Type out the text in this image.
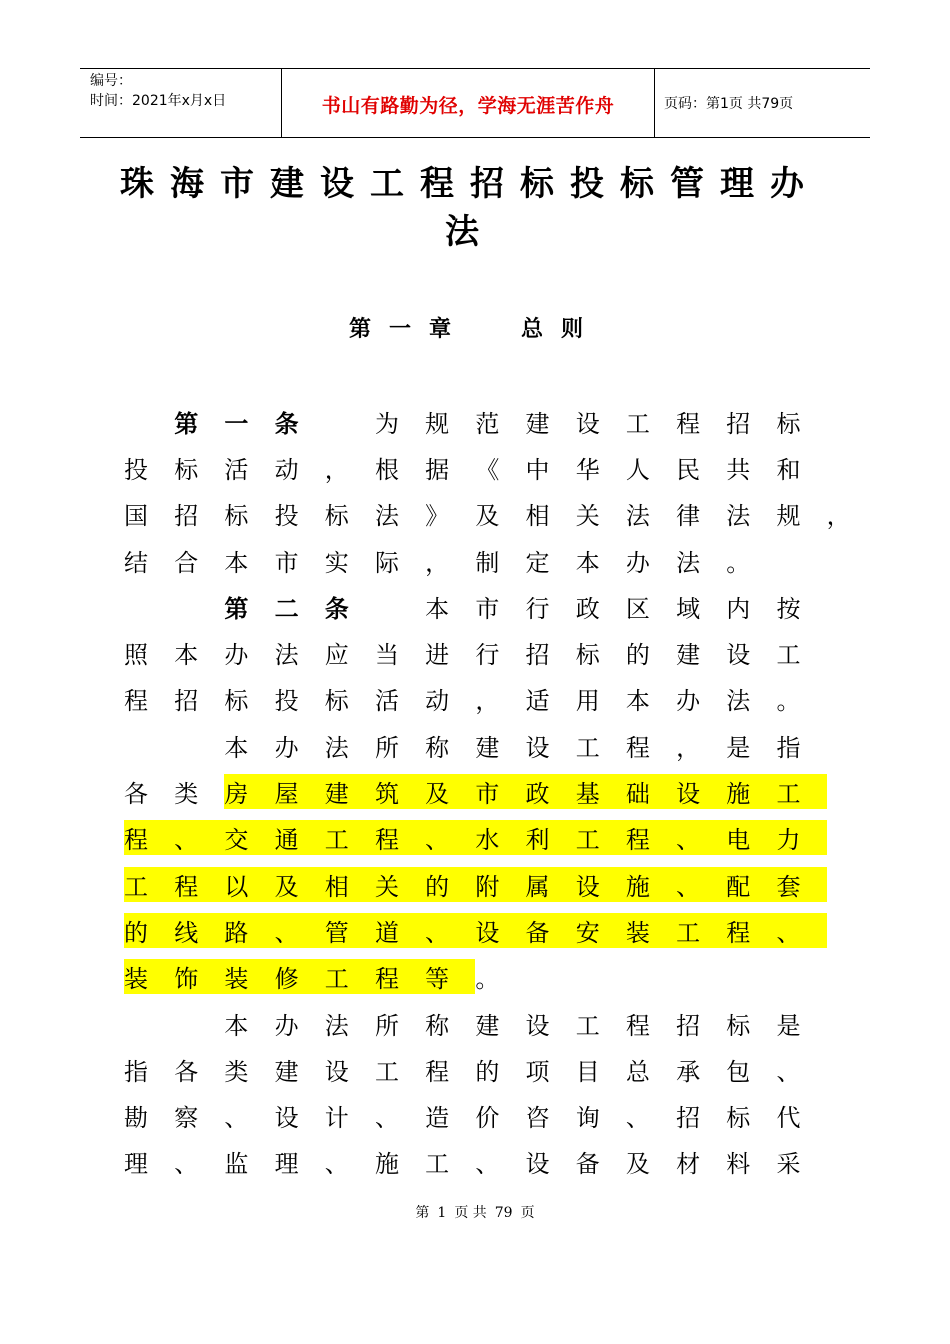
编号：
时间：2021年x月x日	书山有路勤为径，学海无涯苦作舟	页码：第1页 共79页
珠海市建设工程招标投标管理办
法
第一章 总则

第	一	条
	为	规	范	建	设	工	程	招	标
投	标	活	动	，	根	据	《	中	华	人	民	共	和
国	招	标	投	标	法	》	及	相	关	法	律	法	规	，
结	合	本	市	实	际	，	制	定	本	办	法	。

第	二	条
	本	市	行	政	区	域	内	按
照	本	办	法	应	当	进	行	招	标	的	建	设	工
程	招	标	投	标	活	动	，	适	用	本	办	法	。

本	办	法	所	称	建	设	工	程	，	是	指
各	类	房	屋	建	筑	及	市	政	基	础	设	施	工
程	、	交	通	工	程	、	水	利	工	程	、	电	力
工	程	以	及	相	关	的	附	属	设	施	、	配	套
的	线	路	、	管	道	、	设	备	安	装	工	程	、
装	饰	装	修	工	程	等	。

本	办	法	所	称	建	设	工	程	招	标	是
指	各	类	建	设	工	程	的	项	目	总	承	包	、
勘	察	、	设	计	、	造	价	咨	询	、	招	标	代
理	、	监	理	、	施	工	、	设	备	及	材	料	采
第 1 页 共 79 页
